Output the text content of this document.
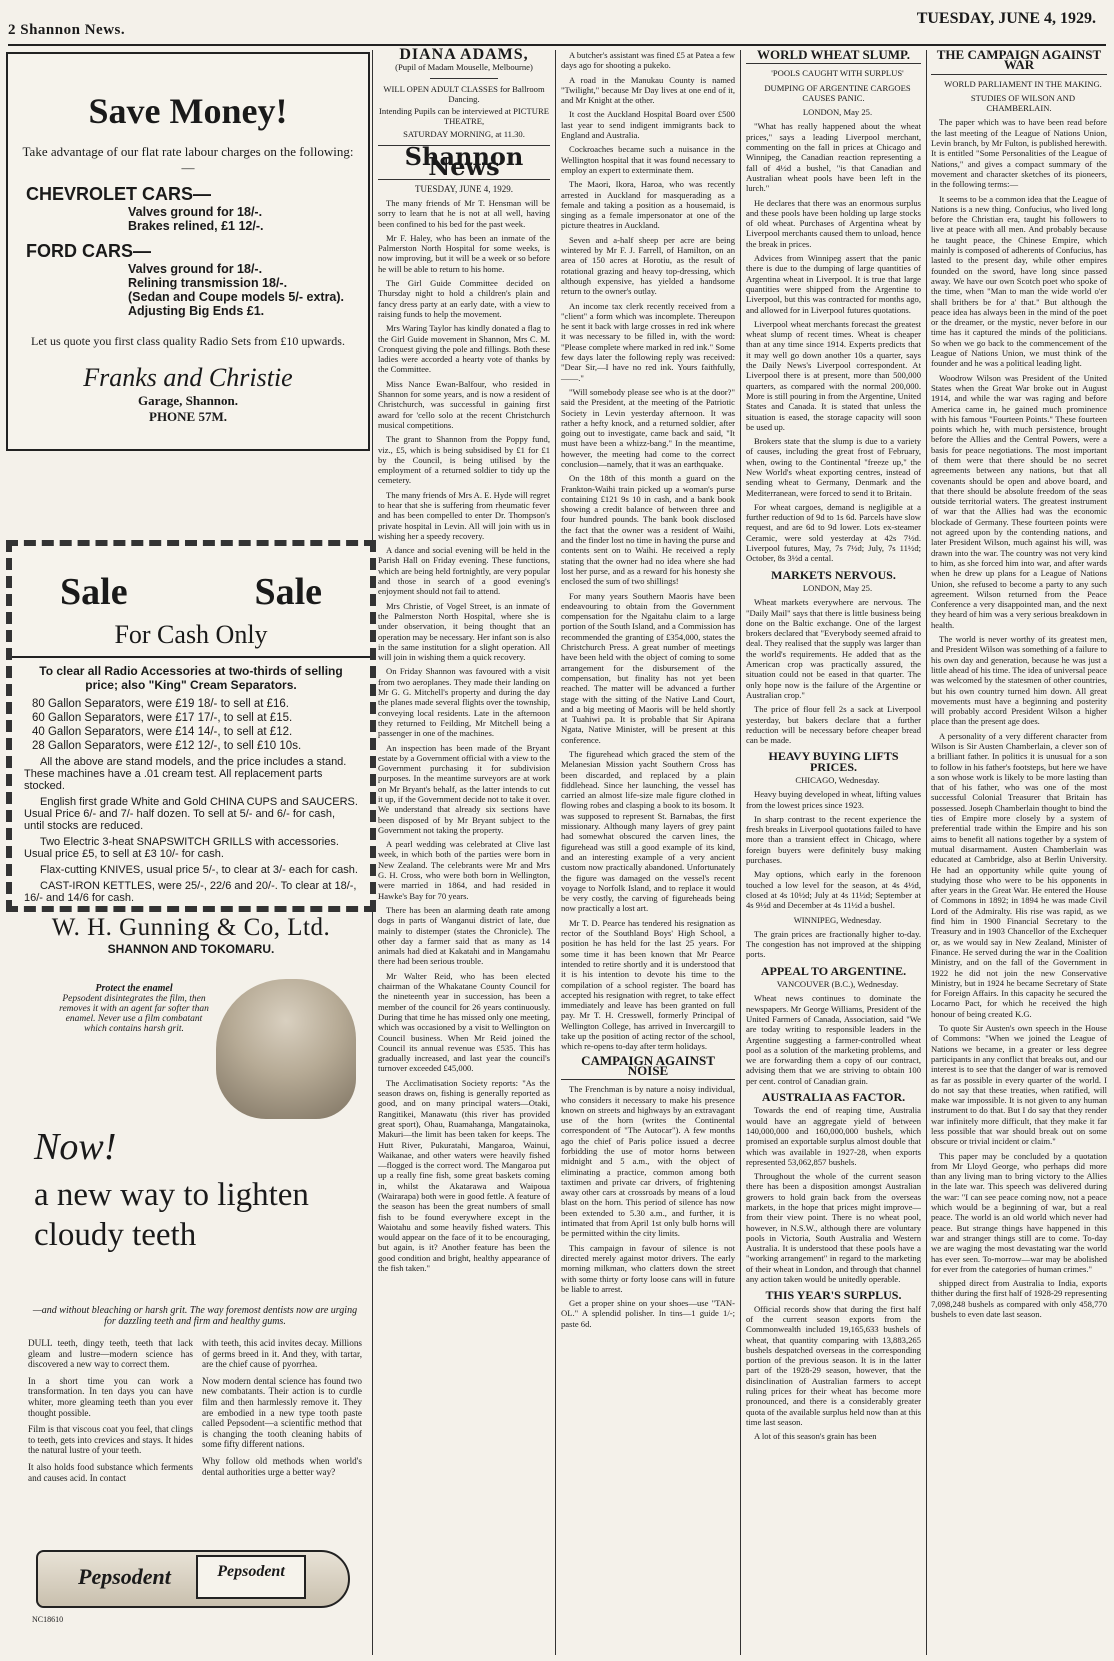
2 Shannon News.
TUESDAY, JUNE 4, 1929.
Save Money!
Take advantage of our flat rate labour charges on the following:—
CHEVROLET CARS—
Valves ground for 18/-.
Brakes relined, £1 12/-.
FORD CARS—
Valves ground for 18/-.
Relining transmission 18/-.
(Sedan and Coupe models 5/- extra).
Adjusting Big Ends £1.
Let us quote you first class quality Radio Sets from £10 upwards.
Franks and Christie
Garage, Shannon.
PHONE 57M.
Sale	Sale
For Cash Only
To clear all Radio Accessories at two-thirds of selling price; also "King" Cream Separators.
80 Gallon Separators, were £19 18/- to sell at £16.
60 Gallon Separators, were £17 17/-, to sell at £15.
40 Gallon Separators, were £14 14/-, to sell at £12.
28 Gallon Separators, were £12 12/-, to sell £10 10s.
All the above are stand models, and the price includes a stand. These machines have a .01 cream test. All replacement parts stocked.
English first grade White and Gold CHINA CUPS and SAUCERS. Usual Price 6/- and 7/- half dozen. To sell at 5/- and 6/- for cash, until stocks are reduced.
Two Electric 3-heat SNAPSWITCH GRILLS with accessories. Usual price £5, to sell at £3 10/- for cash.
Flax-cutting KNIVES, usual price 5/-, to clear at 3/- each for cash.
CAST-IRON KETTLES, were 25/-, 22/6 and 20/-. To clear at 18/-, 16/- and 14/6 for cash.
W. H. Gunning & Co, Ltd.
SHANNON AND TOKOMARU.
Protect the enamel
Pepsodent disintegrates the film, then removes it with an agent far softer than enamel. Never use a film combatant which contains harsh grit.
Now!
a new way to lighten cloudy teeth
—and without bleaching or harsh grit. The way foremost dentists now are urging for dazzling teeth and firm and healthy gums.

DULL teeth, dingy teeth, teeth that lack gleam and lustre—modern science has discovered a new way to correct them.

In a short time you can work a transformation. In ten days you can have whiter, more gleaming teeth than you ever thought possible.

Film is that viscous coat you feel, that clings to teeth, gets into crevices and stays. It hides the natural lustre of your teeth.

It also holds food substance which ferments and causes acid. In contact

with teeth, this acid invites decay. Millions of germs breed in it. And they, with tartar, are the chief cause of pyorrhea.

Now modern dental science has found two new combatants. Their action is to curdle film and then harmlessly remove it. They are embodied in a new type tooth paste called Pepsodent—a scientific method that is changing the tooth cleaning habits of some fifty different nations.

Why follow old methods when world's dental authorities urge a better way?

Pepsodent	Pepsodent
NC18610
DIANA ADAMS,

(Pupil of Madam Mouselle, Melbourne)

WILL OPEN ADULT CLASSES for Ballroom Dancing.

Intending Pupils can be interviewed at PICTURE THEATRE,

SATURDAY MORNING, at 11.30.

Shannon News
TUESDAY, JUNE 4, 1929.

The many friends of Mr T. Hensman will be sorry to learn that he is not at all well, having been confined to his bed for the past week.

Mr F. Haley, who has been an inmate of the Palmerston North Hospital for some weeks, is now improving, but it will be a week or so before he will be able to return to his home.

The Girl Guide Committee decided on Thursday night to hold a children's plain and fancy dress party at an early date, with a view to raising funds to help the movement.

Mrs Waring Taylor has kindly donated a flag to the Girl Guide movement in Shannon, Mrs C. M. Cronquest giving the pole and fillings. Both these ladies were accorded a hearty vote of thanks by the Committee.

Miss Nance Ewan-Balfour, who resided in Shannon for some years, and is now a resident of Christchurch, was successful in gaining first award for 'cello solo at the recent Christchurch musical competitions.

The grant to Shannon from the Poppy fund, viz., £5, which is being subsidised by £1 for £1 by the Council, is being utilised by the employment of a returned soldier to tidy up the cemetery.

The many friends of Mrs A. E. Hyde will regret to hear that she is suffering from rheumatic fever and has been compelled to enter Dr. Thompson's private hospital in Levin. All will join with us in wishing her a speedy recovery.

A dance and social evening will be held in the Parish Hall on Friday evening. These functions, which are being held fortnightly, are very popular and those in search of a good evening's enjoyment should not fail to attend.

Mrs Christie, of Vogel Street, is an inmate of the Palmerston North Hospital, where she is under observation, it being thought that an operation may be necessary. Her infant son is also in the same institution for a slight operation. All will join in wishing them a quick recovery.

On Friday Shannon was favoured with a visit from two aeroplanes. They made their landing on Mr G. G. Mitchell's property and during the day the planes made several flights over the township, conveying local residents. Late in the afternoon they returned to Feilding, Mr Mitchell being a passenger in one of the machines.

An inspection has been made of the Bryant estate by a Government official with a view to the Government purchasing it for subdivision purposes. In the meantime surveyors are at work on Mr Bryant's behalf, as the latter intends to cut it up, if the Government decide not to take it over. We understand that already six sections have been disposed of by Mr Bryant subject to the Government not taking the property.

A pearl wedding was celebrated at Clive last week, in which both of the parties were born in New Zealand. The celebrants were Mr and Mrs G. H. Cross, who were both born in Wellington, were married in 1864, and had resided in Hawke's Bay for 70 years.

There has been an alarming death rate among dogs in parts of Wanganui district of late, due mainly to distemper (states the Chronicle). The other day a farmer said that as many as 14 animals had died at Kakatahi and in Mangamahu there had been serious trouble.

Mr Walter Reid, who has been elected chairman of the Whakatane County Council for the nineteenth year in succession, has been a member of the council for 26 years continuously. During that time he has missed only one meeting, which was occasioned by a visit to Wellington on Council business. When Mr Reid joined the Council its annual revenue was £535. This has gradually increased, and last year the council's turnover exceeded £45,000.

The Acclimatisation Society reports: "As the season draws on, fishing is generally reported as good, and on many principal waters—Otaki, Rangitikei, Manawatu (this river has provided great sport), Ohau, Ruamahanga, Mangatainoka, Makuri—the limit has been taken for keeps. The Hutt River, Pukuratahi, Mangaroa, Wainui, Waikanae, and other waters were heavily fished—flogged is the correct word. The Mangaroa put up a really fine fish, some great baskets coming in, whilst the Akatarawa and Waipoua (Wairarapa) both were in good fettle. A feature of the season has been the great numbers of small fish to be found everywhere except in the Waiotahu and some heavily fished waters. This would appear on the face of it to be encouraging, but again, is it? Another feature has been the good condition and bright, healthy appearance of the fish taken."

A butcher's assistant was fined £5 at Patea a few days ago for shooting a pukeko.

A road in the Manukau County is named "Twilight," because Mr Day lives at one end of it, and Mr Knight at the other.

It cost the Auckland Hospital Board over £500 last year to send indigent immigrants back to England and Australia.

Cockroaches became such a nuisance in the Wellington hospital that it was found necessary to employ an expert to exterminate them.

The Maori, Ikora, Haroa, who was recently arrested in Auckland for masquerading as a female and taking a position as a housemaid, is singing as a female impersonator at one of the picture theatres in Auckland.

Seven and a-half sheep per acre are being wintered by Mr F. J. Farrell, of Hamilton, on an area of 150 acres at Horotiu, as the result of rotational grazing and heavy top-dressing, which although expensive, has yielded a handsome return to the owner's outlay.

An income tax clerk recently received from a "client" a form which was incomplete. Thereupon he sent it back with large crosses in red ink where it was necessary to be filled in, with the word: "Please complete where marked in red ink." Some few days later the following reply was received: "Dear Sir,—I have no red ink. Yours faithfully, ——."

"Will somebody please see who is at the door?" said the President, at the meeting of the Patriotic Society in Levin yesterday afternoon. It was rather a hefty knock, and a returned soldier, after going out to investigate, came back and said, "It must have been a whizz-bang." In the meantime, however, the meeting had come to the correct conclusion—namely, that it was an earthquake.

On the 18th of this month a guard on the Frankton-Waihi train picked up a woman's purse containing £121 9s 10 in cash, and a bank book showing a credit balance of between three and four hundred pounds. The bank book disclosed the fact that the owner was a resident of Waihi, and the finder lost no time in having the purse and contents sent on to Waihi. He received a reply stating that the owner had no idea where she had lost her purse, and as a reward for his honesty she enclosed the sum of two shillings!

For many years Southern Maoris have been endeavouring to obtain from the Government compensation for the Ngaitahu claim to a large portion of the South Island, and a Commission has recommended the granting of £354,000, states the Christchurch Press. A great number of meetings have been held with the object of coming to some arrangement for the disbursement of the compensation, but finality has not yet been reached. The matter will be advanced a further stage with the sitting of the Native Land Court, and a big meeting of Maoris will be held shortly at Tuahiwi pa. It is probable that Sir Apirana Ngata, Native Minister, will be present at this conference.

The figurehead which graced the stem of the Melanesian Mission yacht Southern Cross has been discarded, and replaced by a plain fiddlehead. Since her launching, the vessel has carried an almost life-size male figure clothed in flowing robes and clasping a book to its bosom. It was supposed to represent St. Barnabas, the first missionary. Although many layers of grey paint had somewhat obscured the carven lines, the figurehead was still a good example of its kind, and an interesting example of a very ancient custom now practically abandoned. Unfortunately the figure was damaged on the vessel's recent voyage to Norfolk Island, and to replace it would be very costly, the carving of figureheads being now practically a lost art.

Mr T. D. Pearce has tendered his resignation as rector of the Southland Boys' High School, a position he has held for the last 25 years. For some time it has been known that Mr Pearce intended to retire shortly and it is understood that it is his intention to devote his time to the compilation of a school register. The board has accepted his resignation with regret, to take effect immediately and leave has been granted on full pay. Mr T. H. Cresswell, formerly Principal of Wellington College, has arrived in Invercargill to take up the position of acting rector of the school, which re-opens to-day after term holidays.

CAMPAIGN AGAINST NOISE

The Frenchman is by nature a noisy individual, who considers it necessary to make his presence known on streets and highways by an extravagant use of the horn (writes the Continental correspondent of "The Autocar"). A few months ago the chief of Paris police issued a decree forbidding the use of motor horns between midnight and 5 a.m., with the object of eliminating a practice, common among both taxtimen and private car drivers, of frightening away other cars at crossroads by means of a loud blast on the horn. This period of silence has now been extended to 5.30 a.m., and further, it is intimated that from April 1st only bulb horns will be permitted within the city limits.

This campaign in favour of silence is not directed merely against motor drivers. The early morning milkman, who clatters down the street with some thirty or forty loose cans will in future be liable to arrest.

Get a proper shine on your shoes—use "TAN-OL." A splendid polisher. In tins—1 guide 1/-; paste 6d.

WORLD WHEAT SLUMP.

'POOLS CAUGHT WITH SURPLUS'

DUMPING OF ARGENTINE CARGOES CAUSES PANIC.

LONDON, May 25.

"What has really happened about the wheat prices," says a leading Liverpool merchant, commenting on the fall in prices at Chicago and Winnipeg, the Canadian reaction representing a fall of 4½d a bushel, "is that Canadian and Australian wheat pools have been left in the lurch."

He declares that there was an enormous surplus and these pools have been holding up large stocks of old wheat. Purchases of Argentina wheat by Liverpool merchants caused them to unload, hence the break in prices.

Advices from Winnipeg assert that the panic there is due to the dumping of large quantities of Argentina wheat in Liverpool. It is true that large quantities were shipped from the Argentine to Liverpool, but this was contracted for months ago, and allowed for in Liverpool futures quotations.

Liverpool wheat merchants forecast the greatest wheat slump of recent times. Wheat is cheaper than at any time since 1914. Experts predicts that it may well go down another 10s a quarter, says the Daily News's Liverpool correspondent. At Liverpool there is at present, more than 500,000 quarters, as compared with the normal 200,000. More is still pouring in from the Argentine, United States and Canada. It is stated that unless the situation is eased, the storage capacity will soon be used up.

Brokers state that the slump is due to a variety of causes, including the great frost of February, when, owing to the Continental "freeze up," the New World's wheat exporting centres, instead of sending wheat to Germany, Denmark and the Mediterranean, were forced to send it to Britain.

For wheat cargoes, demand is negligible at a further reduction of 9d to 1s 6d. Parcels have slow request, and are 6d to 9d lower. Lots ex-steamer Ceramic, were sold yesterday at 42s 7½d. Liverpool futures, May, 7s 7½d; July, 7s 11½d; October, 8s 3½d a cental.

MARKETS NERVOUS.

LONDON, May 25.

Wheat markets everywhere are nervous. The "Daily Mail" says that there is little business being done on the Baltic exchange. One of the largest brokers declared that "Everybody seemed afraid to deal. They realised that the supply was larger than the world's requirements. He added that as the American crop was practically assured, the situation could not be eased in that quarter. The only hope now is the failure of the Argentine or Australian crop."

The price of flour fell 2s a sack at Liverpool yesterday, but bakers declare that a further reduction will be necessary before cheaper bread can be made.

HEAVY BUYING LIFTS PRICES.

CHICAGO, Wednesday.

Heavy buying developed in wheat, lifting values from the lowest prices since 1923.

In sharp contrast to the recent experience the fresh breaks in Liverpool quotations failed to have more than a transient effect in Chicago, where foreign buyers were definitely busy making purchases.

May options, which early in the forenoon touched a low level for the season, at 4s 4½d, closed at 4s 10½d; July at 4s 11½d; September at 4s 9½d and December at 4s 11½d a bushel.

WINNIPEG, Wednesday.

The grain prices are fractionally higher to-day. The congestion has not improved at the shipping ports.

APPEAL TO ARGENTINE.

VANCOUVER (B.C.), Wednesday.

Wheat news continues to dominate the newspapers. Mr George Williams, President of the United Farmers of Canada, Association, said "We are today writing to responsible leaders in the Argentine suggesting a farmer-controlled wheat pool as a solution of the marketing problems, and we are forwarding them a copy of our contract, advising them that we are striving to obtain 100 per cent. control of Canadian grain.

AUSTRALIA AS FACTOR.

Towards the end of reaping time, Australia would have an aggregate yield of between 140,000,000 and 160,000,000 bushels, which promised an exportable surplus almost double that which was available in 1927-28, when exports represented 53,062,857 bushels.

Throughout the whole of the current season there has been a disposition amongst Australian growers to hold grain back from the overseas markets, in the hope that prices might improve—from their view point. There is no wheat pool, however, in N.S.W., although there are voluntary pools in Victoria, South Australia and Western Australia. It is understood that these pools have a "working arrangement" in regard to the marketing of their wheat in London, and through that channel any action taken would be unitedly operable.

THIS YEAR'S SURPLUS.

Official records show that during the first half of the current season exports from the Commonwealth included 19,165,633 bushels of wheat, that quantity comparing with 13,883,265 bushels despatched overseas in the corresponding portion of the previous season. It is in the latter part of the 1928-29 season, however, that the disinclination of Australian farmers to accept ruling prices for their wheat has become more pronounced, and there is a considerably greater quota of the available surplus held now than at this time last season.

A lot of this season's grain has been

THE CAMPAIGN AGAINST WAR

WORLD PARLIAMENT IN THE MAKING.

STUDIES OF WILSON AND CHAMBERLAIN.

The paper which was to have been read before the last meeting of the League of Nations Union, Levin branch, by Mr Fulton, is published herewith. It is entitled "Some Personalities of the League of Nations," and gives a compact summary of the movement and character sketches of its pioneers, in the following terms:—

It seems to be a common idea that the League of Nations is a new thing. Confucius, who lived long before the Christian era, taught his followers to live at peace with all men. And probably because he taught peace, the Chinese Empire, which mainly is composed of adherents of Confucius, has lasted to the present day, while other empires founded on the sword, have long since passed away. We have our own Scotch poet who spoke of the time, when "Man to man the wide world o'er shall brithers be for a' that." But although the peace idea has always been in the mind of the poet or the dreamer, or the mystic, never before in our time has it captured the minds of the politicians. So when we go back to the commencement of the League of Nations Union, we must think of the founder and he was a political leading light.

Woodrow Wilson was President of the United States when the Great War broke out in August 1914, and while the war was raging and before America came in, he gained much prominence with his famous "Fourteen Points." These fourteen points which he, with much persistence, brought before the Allies and the Central Powers, were a basis for peace negotiations. The most important of them were that there should be no secret agreements between any nations, but that all covenants should be open and above board, and that there should be absolute freedom of the seas outside territorial waters. The greatest instrument of war that the Allies had was the economic blockade of Germany. These fourteen points were not agreed upon by the contending nations, and later President Wilson, much against his will, was drawn into the war. The country was not very kind to him, as she forced him into war, and after wards when he drew up plans for a League of Nations Union, she refused to become a party to any such agreement. Wilson returned from the Peace Conference a very disappointed man, and the next they heard of him was a very serious breakdown in health.

The world is never worthy of its greatest men, and President Wilson was something of a failure to his own day and generation, because he was just a little ahead of his time. The idea of universal peace was welcomed by the statesmen of other countries, but his own country turned him down. All great movements must have a beginning and posterity will probably accord President Wilson a higher place than the present age does.

A personality of a very different character from Wilson is Sir Austen Chamberlain, a clever son of a brilliant father. In politics it is unusual for a son to follow in his father's footsteps, but here we have a son whose work is likely to be more lasting than that of his father, who was one of the most successful Colonial Treasurer that Britain has possessed. Joseph Chamberlain thought to bind the ties of Empire more closely by a system of preferential trade within the Empire and his son aims to benefit all nations together by a system of mutual disarmament. Austen Chamberlain was educated at Cambridge, also at Berlin University. He had an opportunity while quite young of studying those who were to be his opponents in after years in the Great War. He entered the House of Commons in 1892; in 1894 he was made Civil Lord of the Admiralty. His rise was rapid, as we find him in 1900 Financial Secretary to the Treasury and in 1903 Chancellor of the Exchequer or, as we would say in New Zealand, Minister of Finance. He served during the war in the Coalition Ministry, and on the fall of the Government in 1922 he did not join the new Conservative Ministry, but in 1924 he became Secretary of State for Foreign Affairs. In this capacity he secured the Locarno Pact, for which he received the high honour of being created K.G.

To quote Sir Austen's own speech in the House of Commons: "When we joined the League of Nations we became, in a greater or less degree participants in any conflict that breaks out, and our interest is to see that the danger of war is removed as far as possible in every quarter of the world. I do not say that these treaties, when ratified, will make war impossible. It is not given to any human instrument to do that. But I do say that they render war infinitely more difficult, that they make it far less possible that war should break out on some obscure or trivial incident or claim."

This paper may be concluded by a quotation from Mr Lloyd George, who perhaps did more than any living man to bring victory to the Allies in the late war. This speech was delivered during the war: "I can see peace coming now, not a peace which would be a beginning of war, but a real peace. The world is an old world which never had peace. But strange things have happened in this war and stranger things still are to come. To-day we are waging the most devastating war the world has ever seen. To-morrow—war may be abolished for ever from the categories of human crimes."

shipped direct from Australia to India, exports thither during the first half of 1928-29 representing 7,098,248 bushels as compared with only 458,770 bushels to even date last season.
